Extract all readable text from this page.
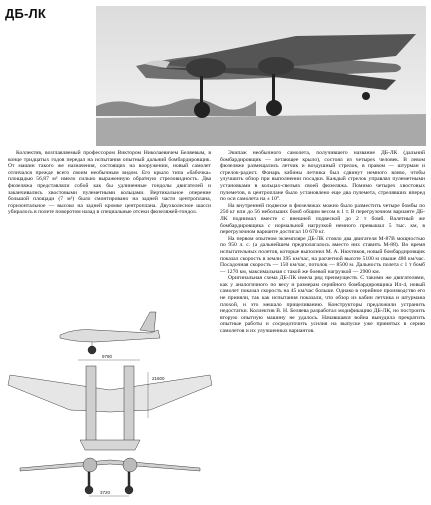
ДБ-ЛК

Коллектив, возглавляемый профессором Виктором Николаевичем Беляевым, в конце тридцатых годов передал на испытания опытный дальний бомбардировщик. От машин такого же назначения, состоящих на вооружении, новый самолет отличался прежде всего своим необычным видом. Его крыло типа «бабочка» площадью 56,87 м² имело сильно выраженную обратную стреловидность. Два фюзеляжа представляли собой как бы удлиненные гондолы двигателей и заканчивались хвостовыми пулеметными кольцами. Вертикальное оперение большой площади (7 м²) было смонтировано на задней части центроплана, горизонтальное — высоко на задней кромке центроплана. Двухколесное шасси убиралось в полете поворотом назад в специальные отсеки фюзеляжей-гондол.

Экипаж необычного самолета, получившего название ДБ-ЛК (дальний бомбардировщик — летающее крыло), состоял из четырех человек. В левом фюзеляже размещались летчик и воздушный стрелок, в правом — штурман и стрелок-радист. Фонарь кабины летчика был сдвинут немного влево, чтобы улучшить обзор при выполнении посадки. Каждый стрелок управлял пулеметными установками в кольцах-свельях своей фюзеляжа. Помимо четырех хвостовых пулеметов, в центроплане было установлено еще два пулемета, стрелявших вперед по оси самолета на ± 10°.

На внутренней подвеске в фюзеляжах можно было разместить четыре бомбы по 250 кг или до 56 небольших бомб общим весом в 1 т. В перегрузочном варианте ДБ-ЛК поднимал вместе с внешней подвеской до 2 т бомб. Валетный же бомбардировщика с нормальной нагрузкой немного превышал 5 тыс. км, в перегрузочном варианте достигал 10 670 кг.

На первом опытном экземпляре ДБ-ЛК стояло два двигателя М-87В мощностью по 950 л. с. (а дальнейшем предполагалось вместо них ставить М-88). Во время испытательных полетов, которые выполнил М. А. Нюхтиков, новый бомбардировщик показал скорость в земли 395 км/час, на расчетной высоте 5100 м свыше 480 км/час. Посадочная скорость — 150 км/час, потолок — 8500 м. Дальность полета с 1 т бомб — 1270 км, максимальная с такой же боевой нагрузкой — 2900 км.

Оригинальная схема ДБ-ЛК имела ряд преимуществ. С такими же двигателями, как у аналогичного по весу и размерам серийного бомбардировщика Ил-4, новый самолет показал скорость на 45 км/час больше. Однако в серийное производство его не приняли, так как испытания показали, что обзор из кабин летчика и штурмана плохой, и это мешало прицеливанию. Конструкторы предложили устранить недостатки. Коллектив В. Н. Беляева разработал модификацию ДБ-ЛК, но построить вторую опытную машину не удалось. Начавшаяся война вынудила прекратить опытные работы и сосредоточить усилия на выпуске уже принятых в серию самолетов и их улучшенных вариантов.

9780
21600
3720
